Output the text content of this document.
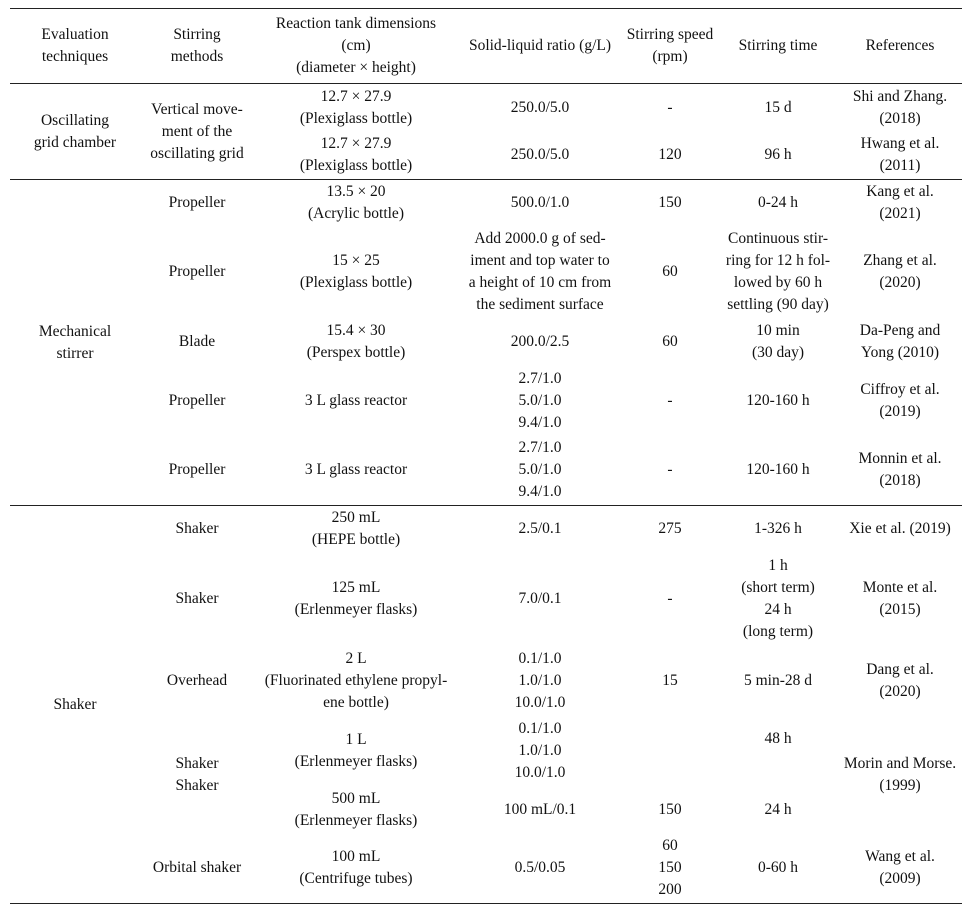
Evaluation
techniques	Stirring
methods	Reaction tank dimensions
(cm)
(diameter × height)	Solid-liquid ratio (g/L)	Stirring speed
(rpm)	Stirring time	References
Oscillating
grid chamber	Vertical move-
ment of the
oscillating grid	12.7 × 27.9
(Plexiglass bottle)	250.0/5.0	-	15 d	Shi and Zhang.
(2018)
		12.7 × 27.9
(Plexiglass bottle)	250.0/5.0	120	96 h	Hwang et al.
(2011)
Mechanical
stirrer	Propeller	13.5 × 20
(Acrylic bottle)	500.0/1.0	150	0-24 h	Kang et al.
(2021)
	Propeller	15 × 25
(Plexiglass bottle)	Add 2000.0 g of sed-
iment and top water to
a height of 10 cm from
the sediment surface	60	Continuous stir-
ring for 12 h fol-
lowed by 60 h
settling (90 day)	Zhang et al.
(2020)
	Blade	15.4 × 30
(Perspex bottle)	200.0/2.5	60	10 min
(30 day)	Da-Peng and
Yong (2010)
	Propeller	3 L glass reactor	2.7/1.0
5.0/1.0
9.4/1.0	-	120-160 h	Ciffroy et al.
(2019)
	Propeller	3 L glass reactor	2.7/1.0
5.0/1.0
9.4/1.0	-	120-160 h	Monnin et al.
(2018)
Shaker	Shaker	250 mL
(HEPE bottle)	2.5/0.1	275	1-326 h	Xie et al. (2019)
	Shaker	125 mL
(Erlenmeyer flasks)	7.0/0.1	-	1 h
(short term)
24 h
(long term)	Monte et al.
(2015)
	Overhead	2 L
(Fluorinated ethylene propyl-
ene bottle)	0.1/1.0
1.0/1.0
10.0/1.0	15	5 min-28 d	Dang et al.
(2020)
	Shaker
Shaker	1 L
(Erlenmeyer flasks)	0.1/1.0
1.0/1.0
10.0/1.0		48 h	Morin and Morse.
(1999)

		500 mL
(Erlenmeyer flasks)	100 mL/0.1	150	24 h	
	Orbital shaker	100 mL
(Centrifuge tubes)	0.5/0.05	60
150
200	0-60 h	Wang et al.
(2009)
